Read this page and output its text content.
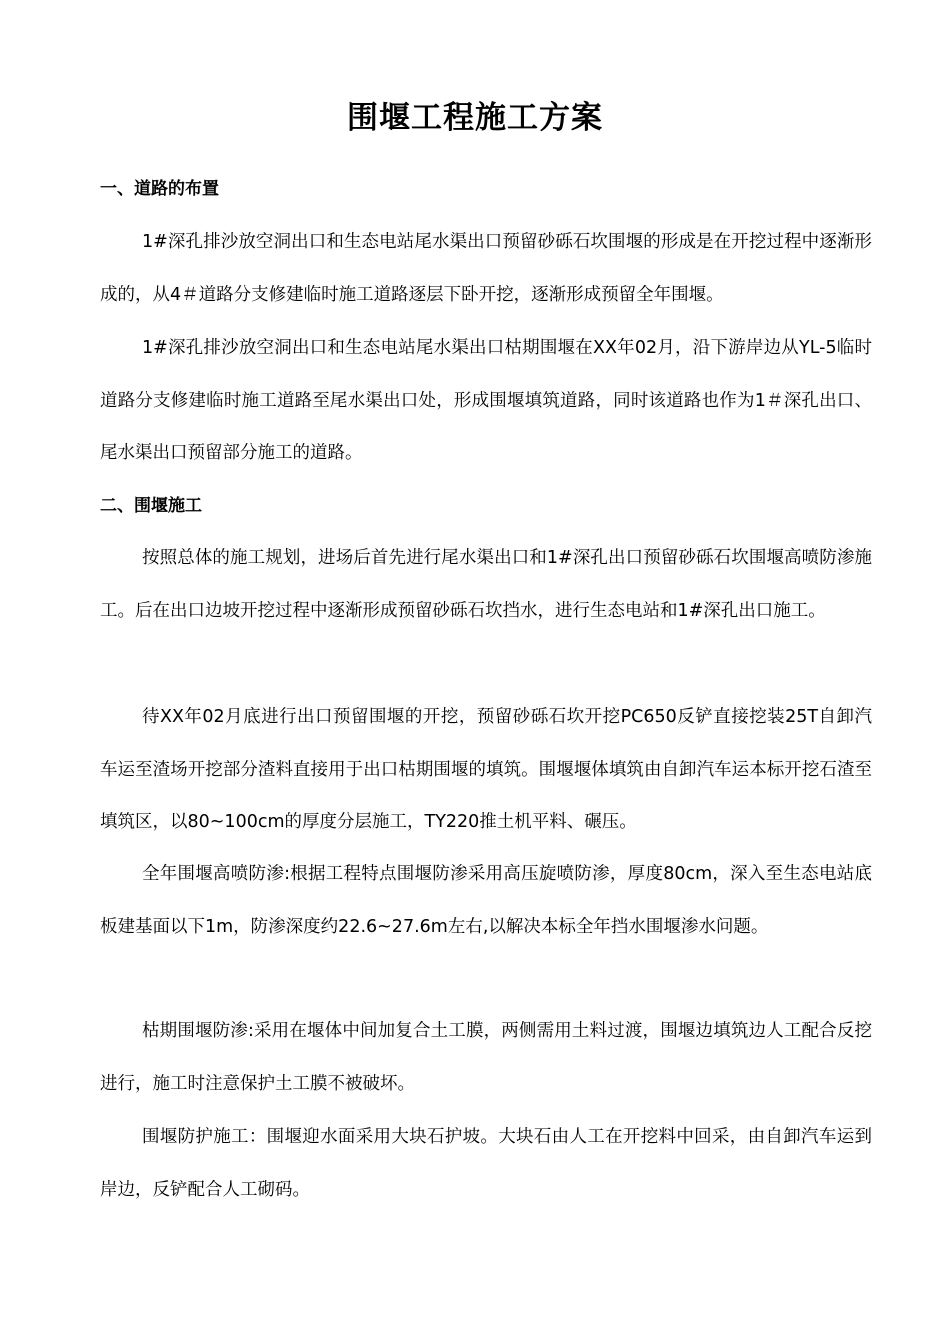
围堰工程施工方案
一、道路的布置

1#深孔排沙放空洞出口和生态电站尾水渠出口预留砂砾石坎围堰的形成是在开挖过程中逐渐形成的，从4＃道路分支修建临时施工道路逐层下卧开挖，逐渐形成预留全年围堰。

1#深孔排沙放空洞出口和生态电站尾水渠出口枯期围堰在XX年02月，沿下游岸边从YL-5临时道路分支修建临时施工道路至尾水渠出口处，形成围堰填筑道路，同时该道路也作为1＃深孔出口、尾水渠出口预留部分施工的道路。

二、围堰施工

按照总体的施工规划，进场后首先进行尾水渠出口和1#深孔出口预留砂砾石坎围堰高喷防渗施工。后在出口边坡开挖过程中逐渐形成预留砂砾石坎挡水，进行生态电站和1#深孔出口施工。

待XX年02月底进行出口预留围堰的开挖，预留砂砾石坎开挖PC650反铲直接挖装25T自卸汽车运至渣场开挖部分渣料直接用于出口枯期围堰的填筑。围堰堰体填筑由自卸汽车运本标开挖石渣至填筑区，以80~100cm的厚度分层施工，TY220推土机平料、碾压。

全年围堰高喷防渗:根据工程特点围堰防渗采用高压旋喷防渗，厚度80cm，深入至生态电站底板建基面以下1m，防渗深度约22.6~27.6m左右,以解决本标全年挡水围堰渗水问题。

枯期围堰防渗:采用在堰体中间加复合土工膜，两侧需用土料过渡，围堰边填筑边人工配合反挖进行，施工时注意保护土工膜不被破坏。

围堰防护施工：围堰迎水面采用大块石护坡。大块石由人工在开挖料中回采，由自卸汽车运到岸边，反铲配合人工砌码。
